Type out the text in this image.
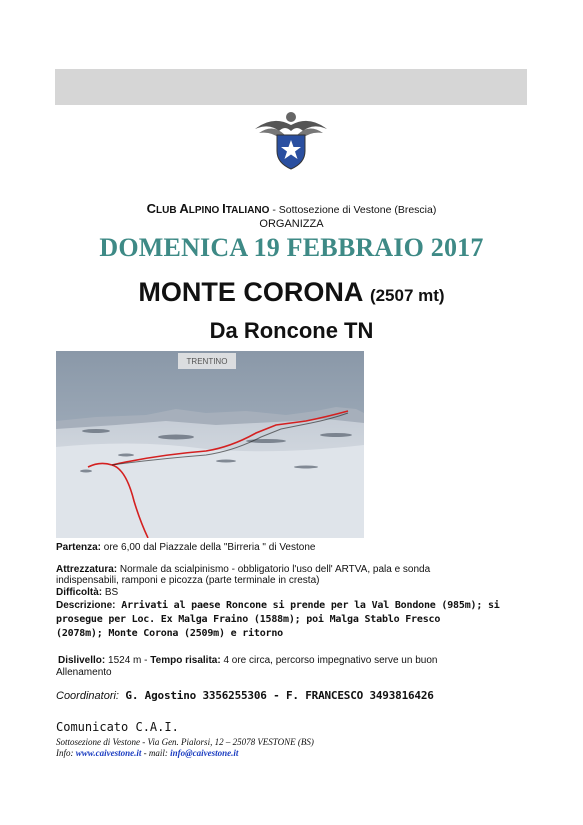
CLUB ALPINO ITALIANO - Sottosezione di Vestone (Brescia)
ORGANIZZA
DOMENICA 19 FEBBRAIO 2017
MONTE CORONA (2507 mt)
Da Roncone TN
TRENTINO
Partenza: ore 6,00 dal Piazzale della "Birreria " di Vestone
Attrezzatura: Normale da scialpinismo - obbligatorio l'uso dell' ARTVA, pala e sonda
indispensabili, ramponi e picozza (parte terminale in cresta)
Difficoltà: BS
Descrizione: Arrivati al paese Roncone si prende per la Val Bondone (985m); si
prosegue per Loc. Ex Malga Fraino (1588m); poi Malga Stablo Fresco
(2078m); Monte Corona (2509m) e ritorno
Dislivello: 1524 m - Tempo risalita: 4 ore circa, percorso impegnativo serve un buon
Allenamento
Coordinatori: G. Agostino 3356255306 - F. FRANCESCO 3493816426
Comunicato C.A.I.
Sottosezione di Vestone - Via Gen. Pialorsi, 12 – 25078 VESTONE (BS)
Info: www.caivestone.it - mail: info@caivestone.it
